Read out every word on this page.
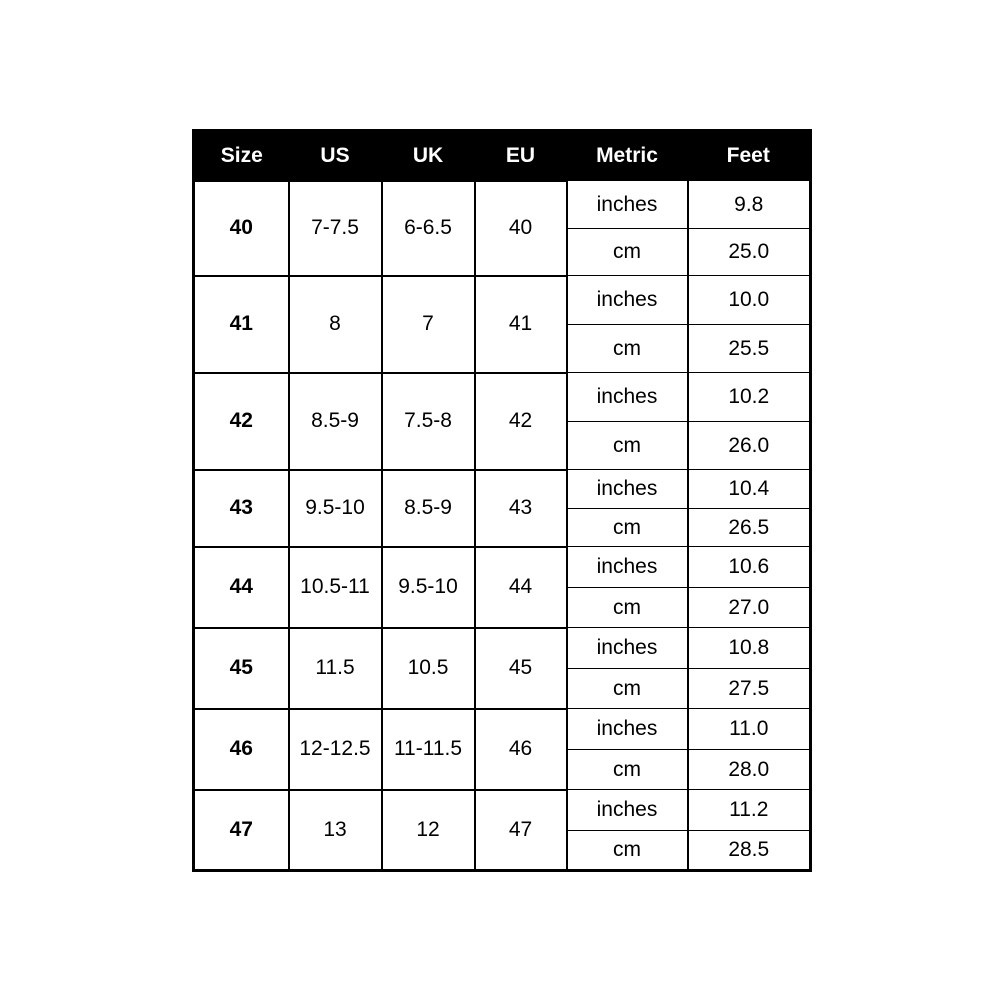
Size	US	UK	EU	Metric	Feet
40	7-7.5	6-6.5	40	inches	9.8
				cm	25.0
41	8	7	41	inches	10.0
				cm	25.5
42	8.5-9	7.5-8	42	inches	10.2
				cm	26.0
43	9.5-10	8.5-9	43	inches	10.4
				cm	26.5
44	10.5-11	9.5-10	44	inches	10.6
				cm	27.0
45	11.5	10.5	45	inches	10.8
				cm	27.5
46	12-12.5	11-11.5	46	inches	11.0
				cm	28.0
47	13	12	47	inches	11.2
				cm	28.5
